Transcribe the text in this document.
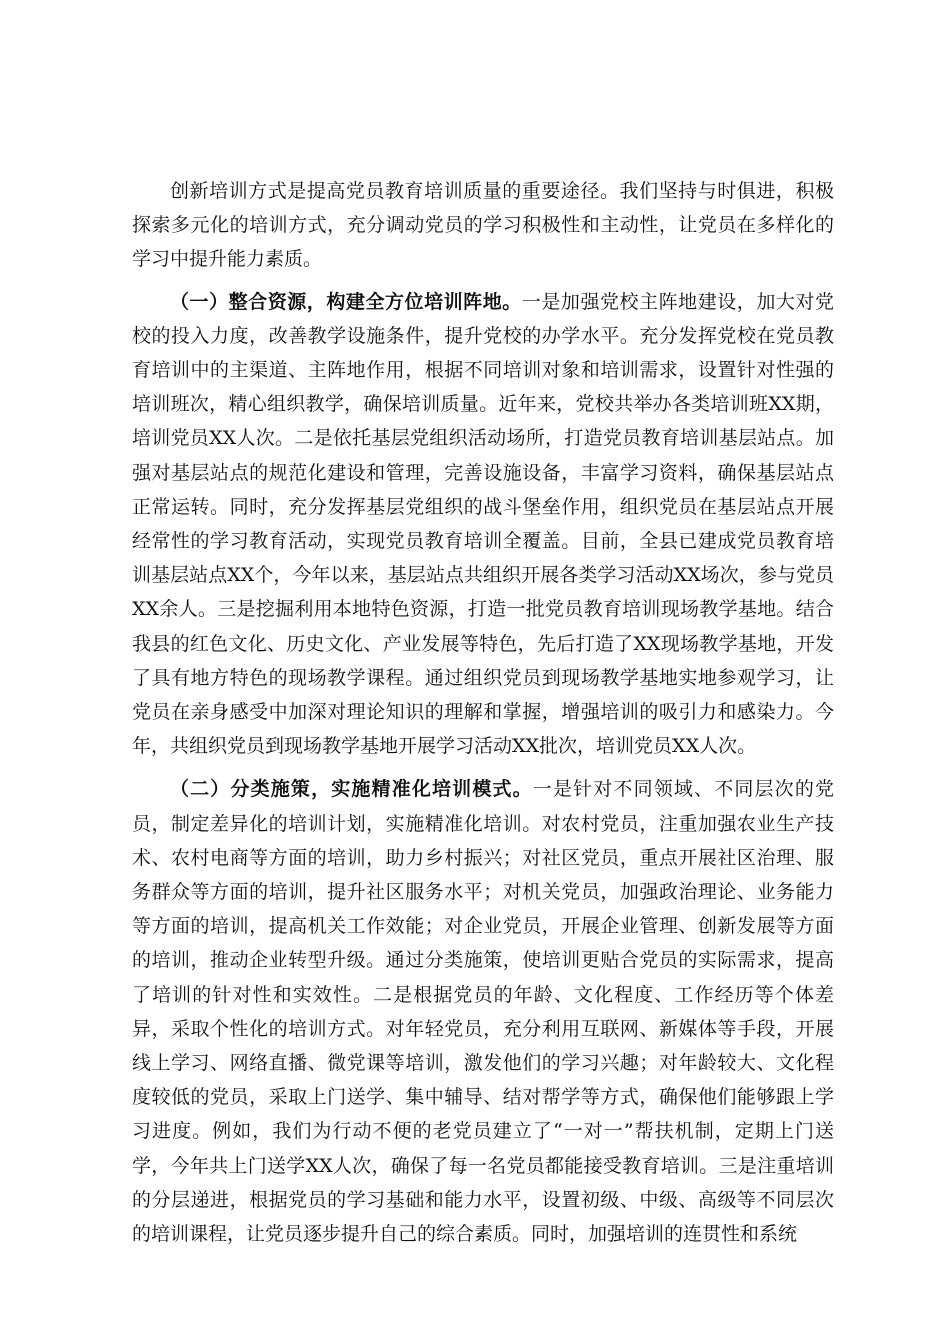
创新培训方式是提高党员教育培训质量的重要途径。我们坚持与时俱进，积极探索多元化的培训方式，充分调动党员的学习积极性和主动性，让党员在多样化的学习中提升能力素质。

（一）整合资源，构建全方位培训阵地。一是加强党校主阵地建设，加大对党校的投入力度，改善教学设施条件，提升党校的办学水平。充分发挥党校在党员教育培训中的主渠道、主阵地作用，根据不同培训对象和培训需求，设置针对性强的培训班次，精心组织教学，确保培训质量。近年来，党校共举办各类培训班XX期，培训党员XX人次。二是依托基层党组织活动场所，打造党员教育培训基层站点。加强对基层站点的规范化建设和管理，完善设施设备，丰富学习资料，确保基层站点正常运转。同时，充分发挥基层党组织的战斗堡垒作用，组织党员在基层站点开展经常性的学习教育活动，实现党员教育培训全覆盖。目前，全县已建成党员教育培训基层站点XX个，今年以来，基层站点共组织开展各类学习活动XX场次，参与党员XX余人。三是挖掘利用本地特色资源，打造一批党员教育培训现场教学基地。结合我县的红色文化、历史文化、产业发展等特色，先后打造了XX现场教学基地，开发了具有地方特色的现场教学课程。通过组织党员到现场教学基地实地参观学习，让党员在亲身感受中加深对理论知识的理解和掌握，增强培训的吸引力和感染力。今年，共组织党员到现场教学基地开展学习活动XX批次，培训党员XX人次。

（二）分类施策，实施精准化培训模式。一是针对不同领域、不同层次的党员，制定差异化的培训计划，实施精准化培训。对农村党员，注重加强农业生产技术、农村电商等方面的培训，助力乡村振兴；对社区党员，重点开展社区治理、服务群众等方面的培训，提升社区服务水平；对机关党员，加强政治理论、业务能力等方面的培训，提高机关工作效能；对企业党员，开展企业管理、创新发展等方面的培训，推动企业转型升级。通过分类施策，使培训更贴合党员的实际需求，提高了培训的针对性和实效性。二是根据党员的年龄、文化程度、工作经历等个体差异，采取个性化的培训方式。对年轻党员，充分利用互联网、新媒体等手段，开展线上学习、网络直播、微党课等培训，激发他们的学习兴趣；对年龄较大、文化程度较低的党员，采取上门送学、集中辅导、结对帮学等方式，确保他们能够跟上学习进度。例如，我们为行动不便的老党员建立了“一对一”帮扶机制，定期上门送学，今年共上门送学XX人次，确保了每一名党员都能接受教育培训。三是注重培训的分层递进，根据党员的学习基础和能力水平，设置初级、中级、高级等不同层次的培训课程，让党员逐步提升自己的综合素质。同时，加强培训的连贯性和系统
